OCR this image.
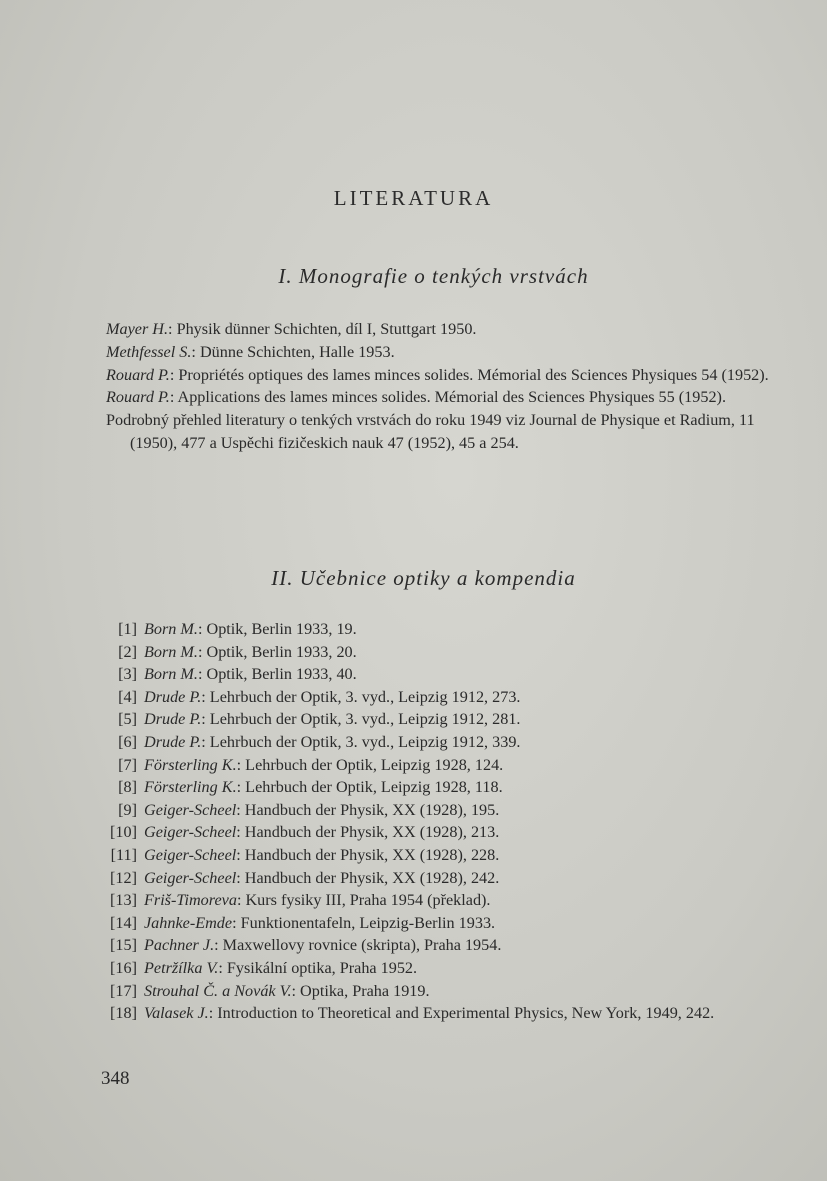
LITERATURA
I. Monografie o tenkých vrstvách

Mayer H.: Physik dünner Schichten, díl I, Stuttgart 1950.

Methfessel S.: Dünne Schichten, Halle 1953.

Rouard P.: Propriétés optiques des lames minces solides. Mémorial des Sciences Physiques 54 (1952).

Rouard P.: Applications des lames minces solides. Mémorial des Sciences Physiques 55 (1952).

Podrobný přehled literatury o tenkých vrstvách do roku 1949 viz Journal de Physique et Radium, 11 (1950), 477 a Uspěchi fizičeskich nauk 47 (1952), 45 a 254.

II. Učebnice optiky a kompendia
[1] Born M.: Optik, Berlin 1933, 19.
[2] Born M.: Optik, Berlin 1933, 20.
[3] Born M.: Optik, Berlin 1933, 40.
[4] Drude P.: Lehrbuch der Optik, 3. vyd., Leipzig 1912, 273.
[5] Drude P.: Lehrbuch der Optik, 3. vyd., Leipzig 1912, 281.
[6] Drude P.: Lehrbuch der Optik, 3. vyd., Leipzig 1912, 339.
[7] Försterling K.: Lehrbuch der Optik, Leipzig 1928, 124.
[8] Försterling K.: Lehrbuch der Optik, Leipzig 1928, 118.
[9] Geiger-Scheel: Handbuch der Physik, XX (1928), 195.
[10] Geiger-Scheel: Handbuch der Physik, XX (1928), 213.
[11] Geiger-Scheel: Handbuch der Physik, XX (1928), 228.
[12] Geiger-Scheel: Handbuch der Physik, XX (1928), 242.
[13] Friš-Timoreva: Kurs fysiky III, Praha 1954 (překlad).
[14] Jahnke-Emde: Funktionentafeln, Leipzig-Berlin 1933.
[15] Pachner J.: Maxwellovy rovnice (skripta), Praha 1954.
[16] Petržílka V.: Fysikální optika, Praha 1952.
[17] Strouhal Č. a Novák V.: Optika, Praha 1919.
[18] Valasek J.: Introduction to Theoretical and Experimental Physics, New York, 1949, 242.
348
